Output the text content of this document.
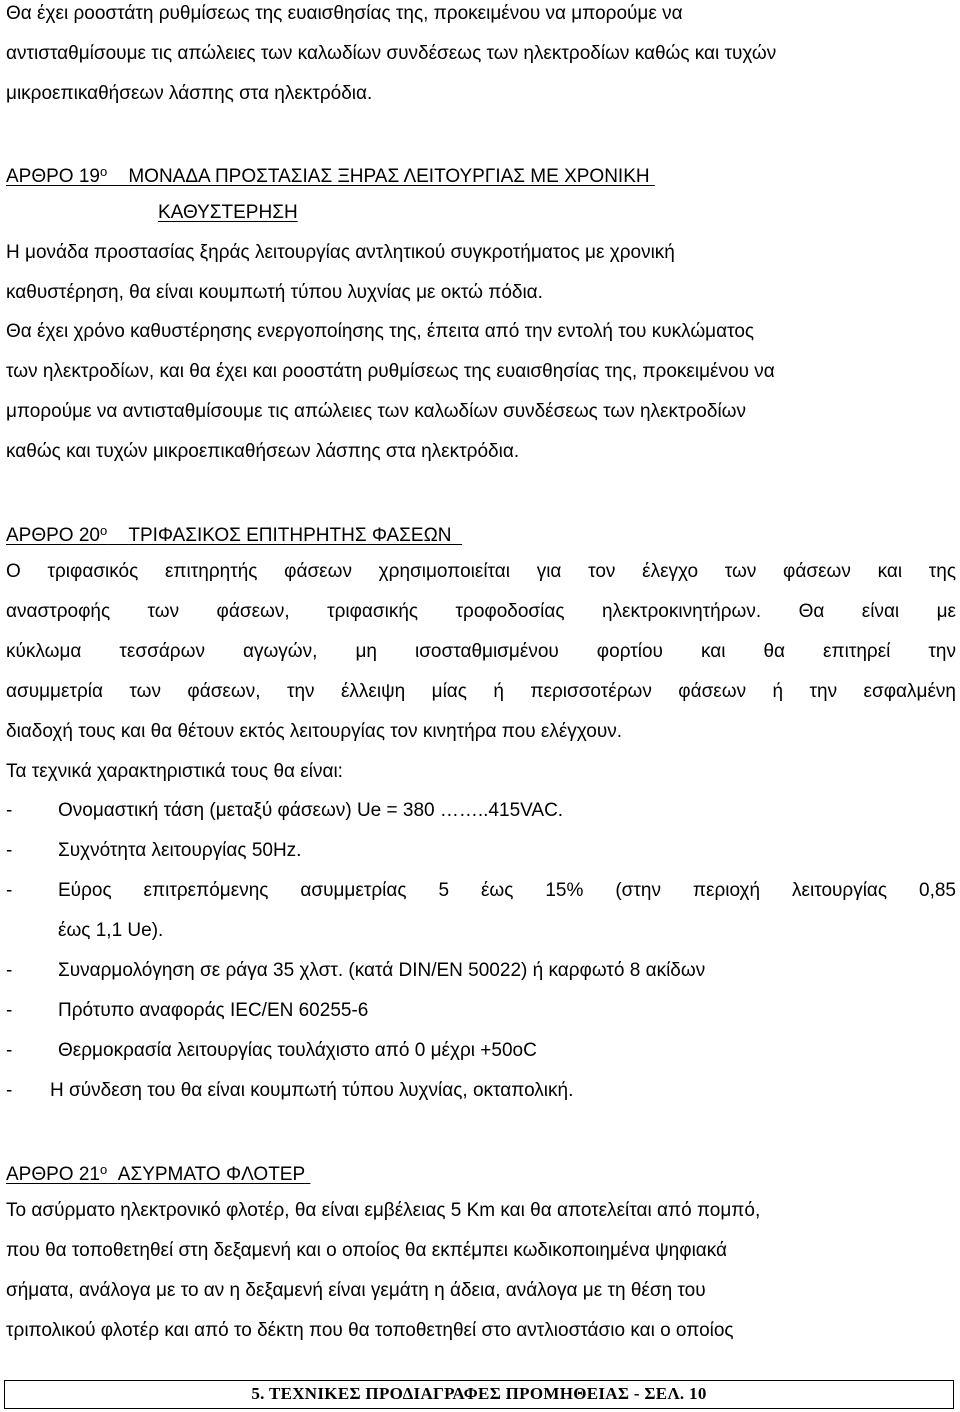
Θα έχει ροοστάτη ρυθμίσεως της ευαισθησίας της, προκειμένου να μπορούμε να
αντισταθμίσουμε τις απώλειες των καλωδίων συνδέσεως των ηλεκτροδίων καθώς και τυχών
μικροεπικαθήσεων λάσπης στα ηλεκτρόδια.
ΑΡΘΡΟ $19^o$ ΜΟΝΑΔΑ ΠΡΟΣΤΑΣΙΑΣ ΞΗΡΑΣ ΛΕΙΤΟΥΡΓΙΑΣ ΜΕ ΧΡΟΝΙΚΗ
ΚΑΘΥΣΤΕΡΗΣΗ
Η μονάδα προστασίας ξηράς λειτουργίας αντλητικού συγκροτήματος με χρονική
καθυστέρηση, θα είναι κουμπωτή τύπου λυχνίας με οκτώ πόδια.
Θα έχει χρόνο καθυστέρησης ενεργοποίησης της, έπειτα από την εντολή του κυκλώματος
των ηλεκτροδίων, και θα έχει και ροοστάτη ρυθμίσεως της ευαισθησίας της, προκειμένου να
μπορούμε να αντισταθμίσουμε τις απώλειες των καλωδίων συνδέσεως των ηλεκτροδίων
καθώς και τυχών μικροεπικαθήσεων λάσπης στα ηλεκτρόδια.
ΑΡΘΡΟ $20^o$ ΤΡΙΦΑΣΙΚΟΣ ΕΠΙΤΗΡΗΤΗΣ ΦΑΣΕΩΝ
Ο τριφασικός επιτηρητής φάσεων χρησιμοποιείται για τον έλεγχο των φάσεων και της
αναστροφής των φάσεων, τριφασικής τροφοδοσίας ηλεκτροκινητήρων. Θα είναι με
κύκλωμα τεσσάρων αγωγών, μη ισοσταθμισμένου φορτίου και θα επιτηρεί την
ασυμμετρία των φάσεων, την έλλειψη μίας ή περισσοτέρων φάσεων ή την εσφαλμένη
διαδοχή τους και θα θέτουν εκτός λειτουργίας τον κινητήρα που ελέγχουν.
Τα τεχνικά χαρακτηριστικά τους θα είναι:
- Ονομαστική τάση (μεταξύ φάσεων) Ue = 380 ……..415VAC.
- Συχνότητα λειτουργίας 50Hz.
- Εύρος επιτρεπόμενης ασυμμετρίας 5 έως 15% (στην περιοχή λειτουργίας 0,85
έως 1,1 Ue).
- Συναρμολόγηση σε ράγα 35 χλστ. (κατά DIN/EN 50022) ή καρφωτό 8 ακίδων
- Πρότυπο αναφοράς IEC/EN 60255-6
- Θερμοκρασία λειτουργίας τουλάχιστο από 0 μέχρι +50oC
- Η σύνδεση του θα είναι κουμπωτή τύπου λυχνίας, οκταπολική.
ΑΡΘΡΟ $21^o$ ΑΣΥΡΜΑΤΟ ΦΛΟΤΕΡ
Το ασύρματο ηλεκτρονικό φλοτέρ, θα είναι εμβέλειας 5 Km και θα αποτελείται από πομπό,
που θα τοποθετηθεί στη δεξαμενή και ο οποίος θα εκπέμπει κωδικοποιημένα ψηφιακά
σήματα, ανάλογα με το αν η δεξαμενή είναι γεμάτη η άδεια, ανάλογα με τη θέση του
τριπολικού φλοτέρ και από το δέκτη που θα τοποθετηθεί στο αντλιοστάσιο και ο οποίος
5. ΤΕΧΝΙΚΕΣ ΠΡΟΔΙΑΓΡΑΦΕΣ ΠΡΟΜΗΘΕΙΑΣ - ΣΕΛ. 10
